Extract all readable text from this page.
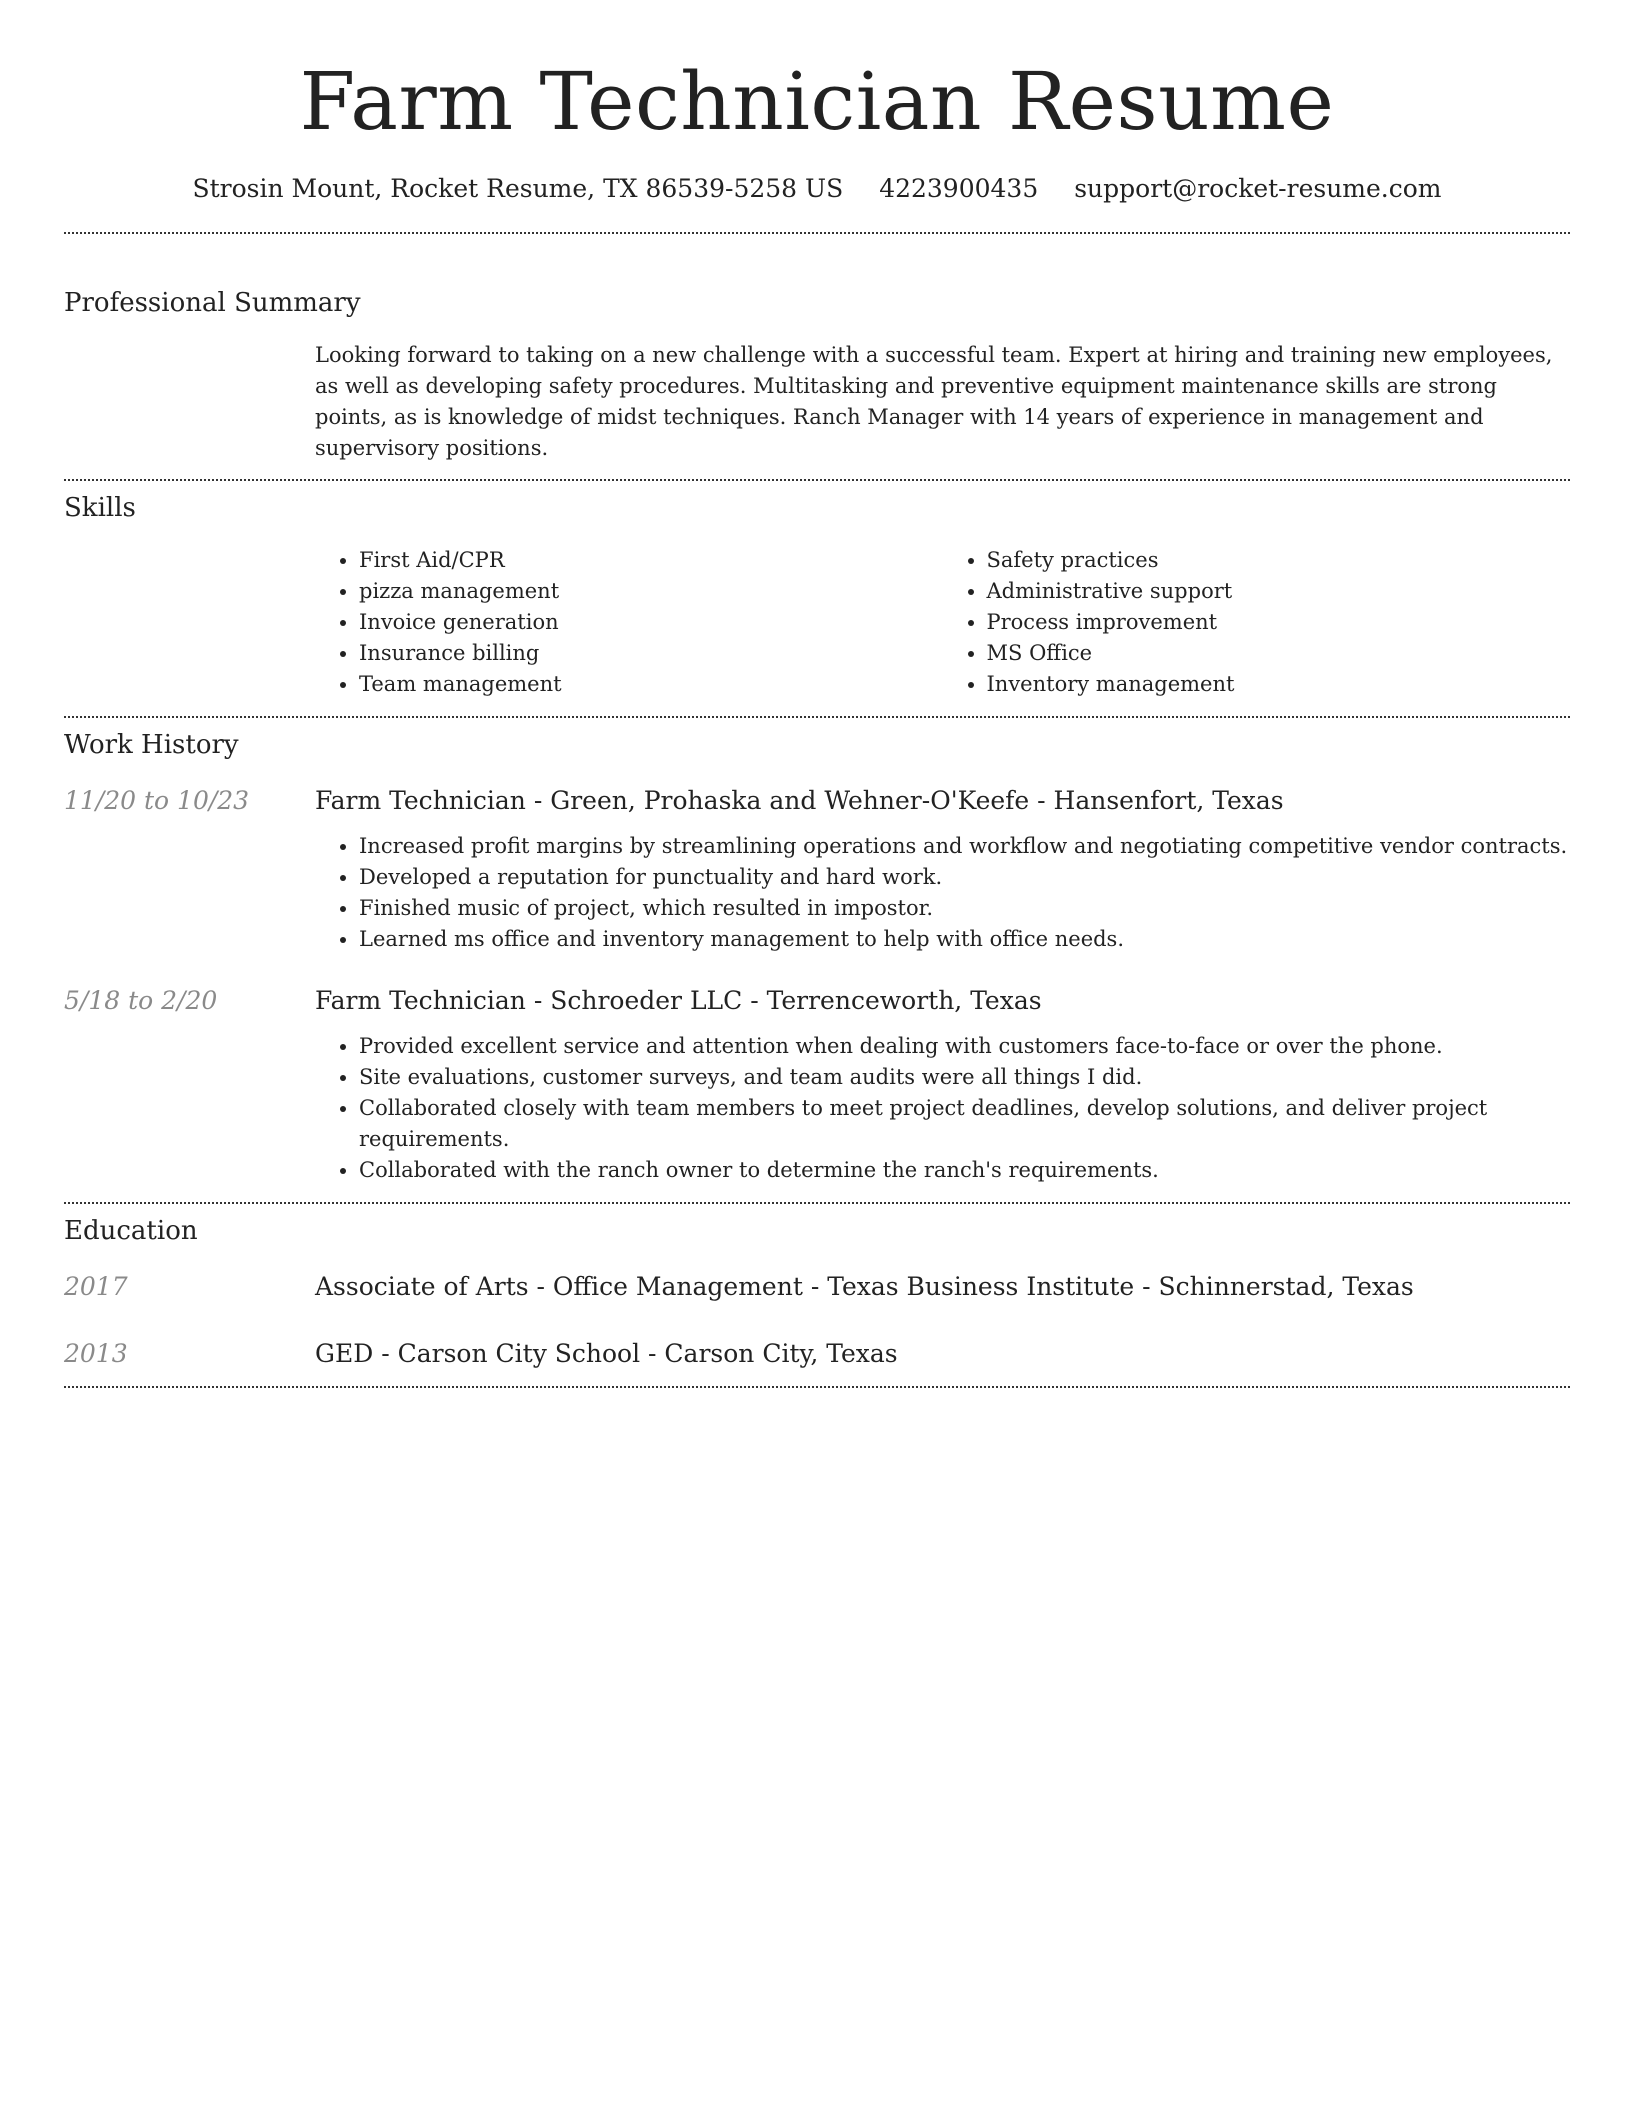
Farm Technician Resume
Strosin Mount, Rocket Resume, TX 86539-5258 US 4223900435 support@rocket-resume.com
Professional Summary

Looking forward to taking on a new challenge with a successful team. Expert at hiring and training new employees, as well as developing safety procedures. Multitasking and preventive equipment maintenance skills are strong points, as is knowledge of midst techniques. Ranch Manager with 14 years of experience in management and supervisory positions.

Skills
• First Aid/CPR
• pizza management
• Invoice generation
• Insurance billing
• Team management
• Safety practices
• Administrative support
• Process improvement
• MS Office
• Inventory management
Work History
11/20 to 10/23	Farm Technician - Green, Prohaska and Wehner-O'Keefe - Hansenfort, Texas
• Increased profit margins by streamlining operations and workflow and negotiating competitive vendor contracts.
• Developed a reputation for punctuality and hard work.
• Finished music of project, which resulted in impostor.
• Learned ms office and inventory management to help with office needs.
5/18 to 2/20	Farm Technician - Schroeder LLC - Terrenceworth, Texas
• Provided excellent service and attention when dealing with customers face-to-face or over the phone.
• Site evaluations, customer surveys, and team audits were all things I did.
• Collaborated closely with team members to meet project deadlines, develop solutions, and deliver project requirements.
• Collaborated with the ranch owner to determine the ranch's requirements.
Education
2017	Associate of Arts - Office Management - Texas Business Institute - Schinnerstad, Texas
2013	GED - Carson City School - Carson City, Texas
